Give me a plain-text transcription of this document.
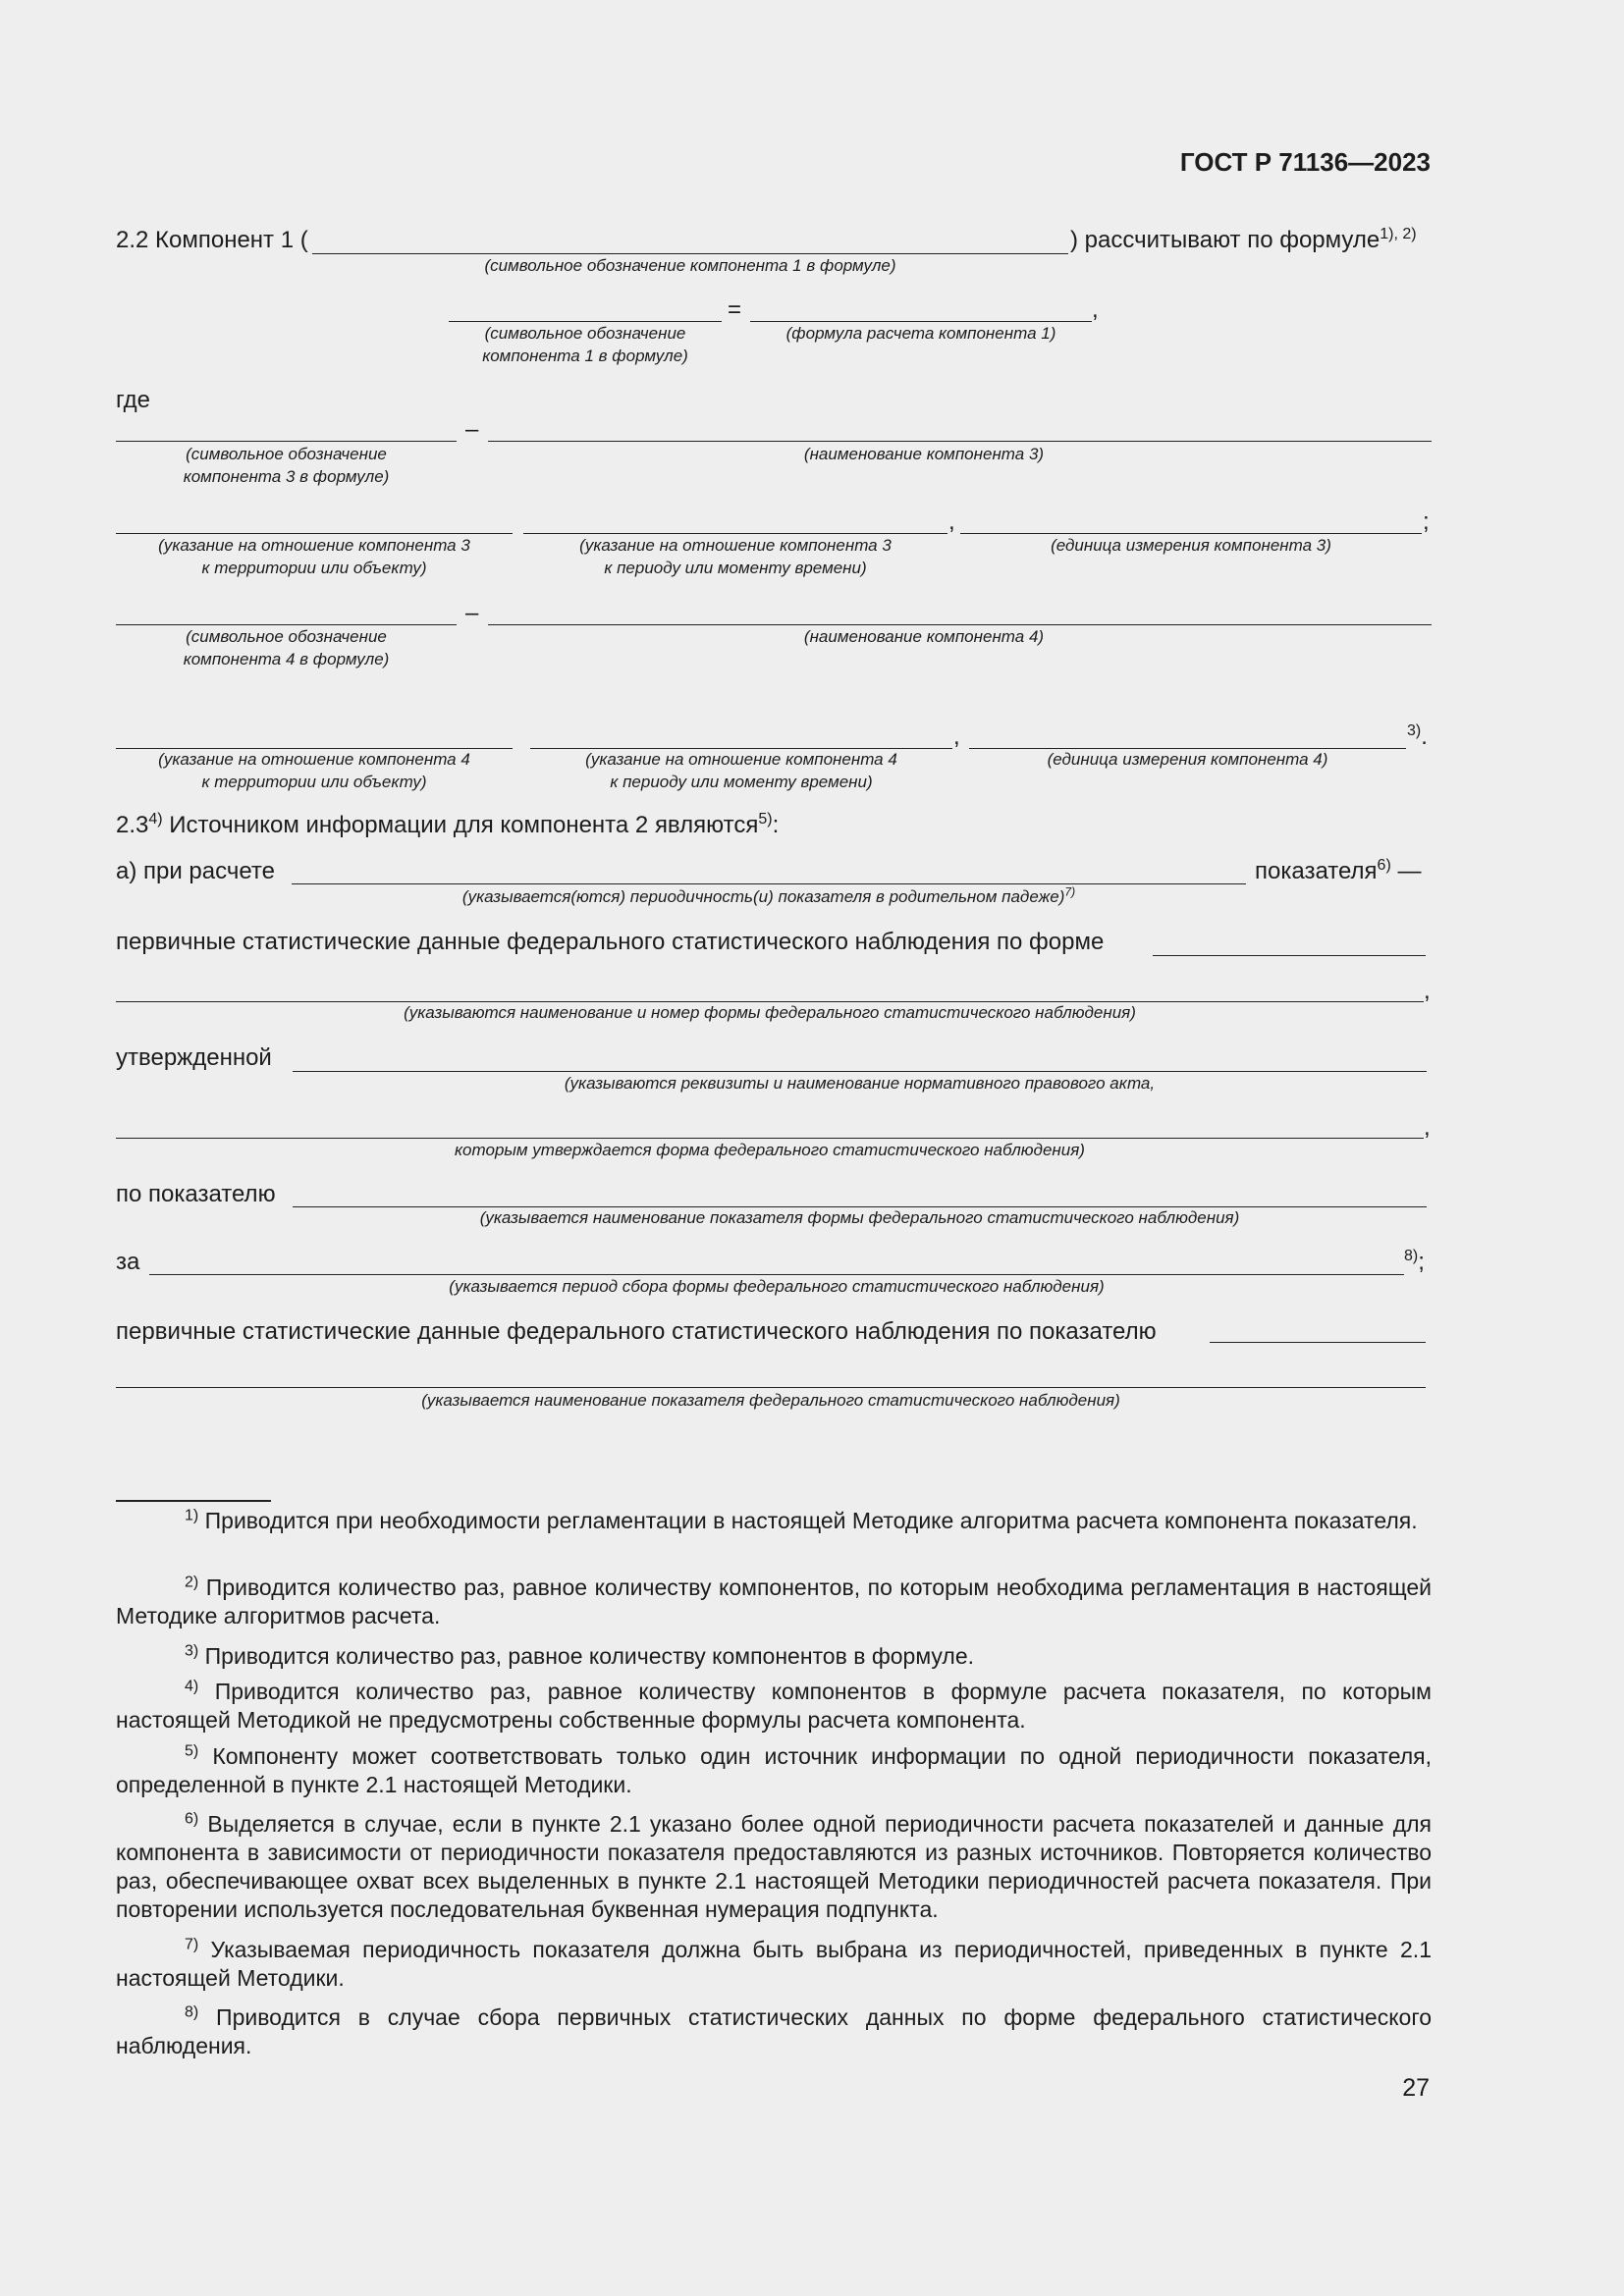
ГОСТ Р 71136—2023
2.2 Компонент 1 (	) рассчитывают по формуле$^{1), 2)}$
(символьное обозначение компонента 1 в формуле)
=	,
(символьное обозначение
компонента 1 в формуле)
(формула расчета компонента 1)
где
–
(символьное обозначение
компонента 3 в формуле)
(наименование компонента 3)
,	;
(указание на отношение компонента 3
к территории или объекту)
(указание на отношение компонента 3
к периоду или моменту времени)
(единица измерения компонента 3)
–
(символьное обозначение
компонента 4 в формуле)
(наименование компонента 4)
,	$^{3)}$.
(указание на отношение компонента 4
к территории или объекту)
(указание на отношение компонента 4
к периоду или моменту времени)
(единица измерения компонента 4)
2.3$^{4)}$ Источником информации для компонента 2 являются$^{5)}$:
а) при расчете	показателя$^{6)}$ —
(указывается(ются) периодичность(и) показателя в родительном падеже)$^{7)}$
первичные статистические данные федерального статистического наблюдения по форме
,
(указываются наименование и номер формы федерального статистического наблюдения)
утвержденной
(указываются реквизиты и наименование нормативного правового акта,
,
которым утверждается форма федерального статистического наблюдения)
по показателю
(указывается наименование показателя формы федерального статистического наблюдения)
за	$^{8)}$;
(указывается период сбора формы федерального статистического наблюдения)
первичные статистические данные федерального статистического наблюдения по показателю
(указывается наименование показателя федерального статистического наблюдения)
$^{1)}$ Приводится при необходимости регламентации в настоящей Методике алгоритма расчета компонента показателя.
$^{2)}$ Приводится количество раз, равное количеству компонентов, по которым необходима регламентация в настоящей Методике алгоритмов расчета.
$^{3)}$ Приводится количество раз, равное количеству компонентов в формуле.
$^{4)}$ Приводится количество раз, равное количеству компонентов в формуле расчета показателя, по которым настоящей Методикой не предусмотрены собственные формулы расчета компонента.
$^{5)}$ Компоненту может соответствовать только один источник информации по одной периодичности показателя, определенной в пункте 2.1 настоящей Методики.
$^{6)}$ Выделяется в случае, если в пункте 2.1 указано более одной периодичности расчета показателей и данные для компонента в зависимости от периодичности показателя предоставляются из разных источников. Повторяется количество раз, обеспечивающее охват всех выделенных в пункте 2.1 настоящей Методики периодичностей расчета показателя. При повторении используется последовательная буквенная нумерация подпункта.
$^{7)}$ Указываемая периодичность показателя должна быть выбрана из периодичностей, приведенных в пункте 2.1 настоящей Методики.
$^{8)}$ Приводится в случае сбора первичных статистических данных по форме федерального статистического наблюдения.
27
